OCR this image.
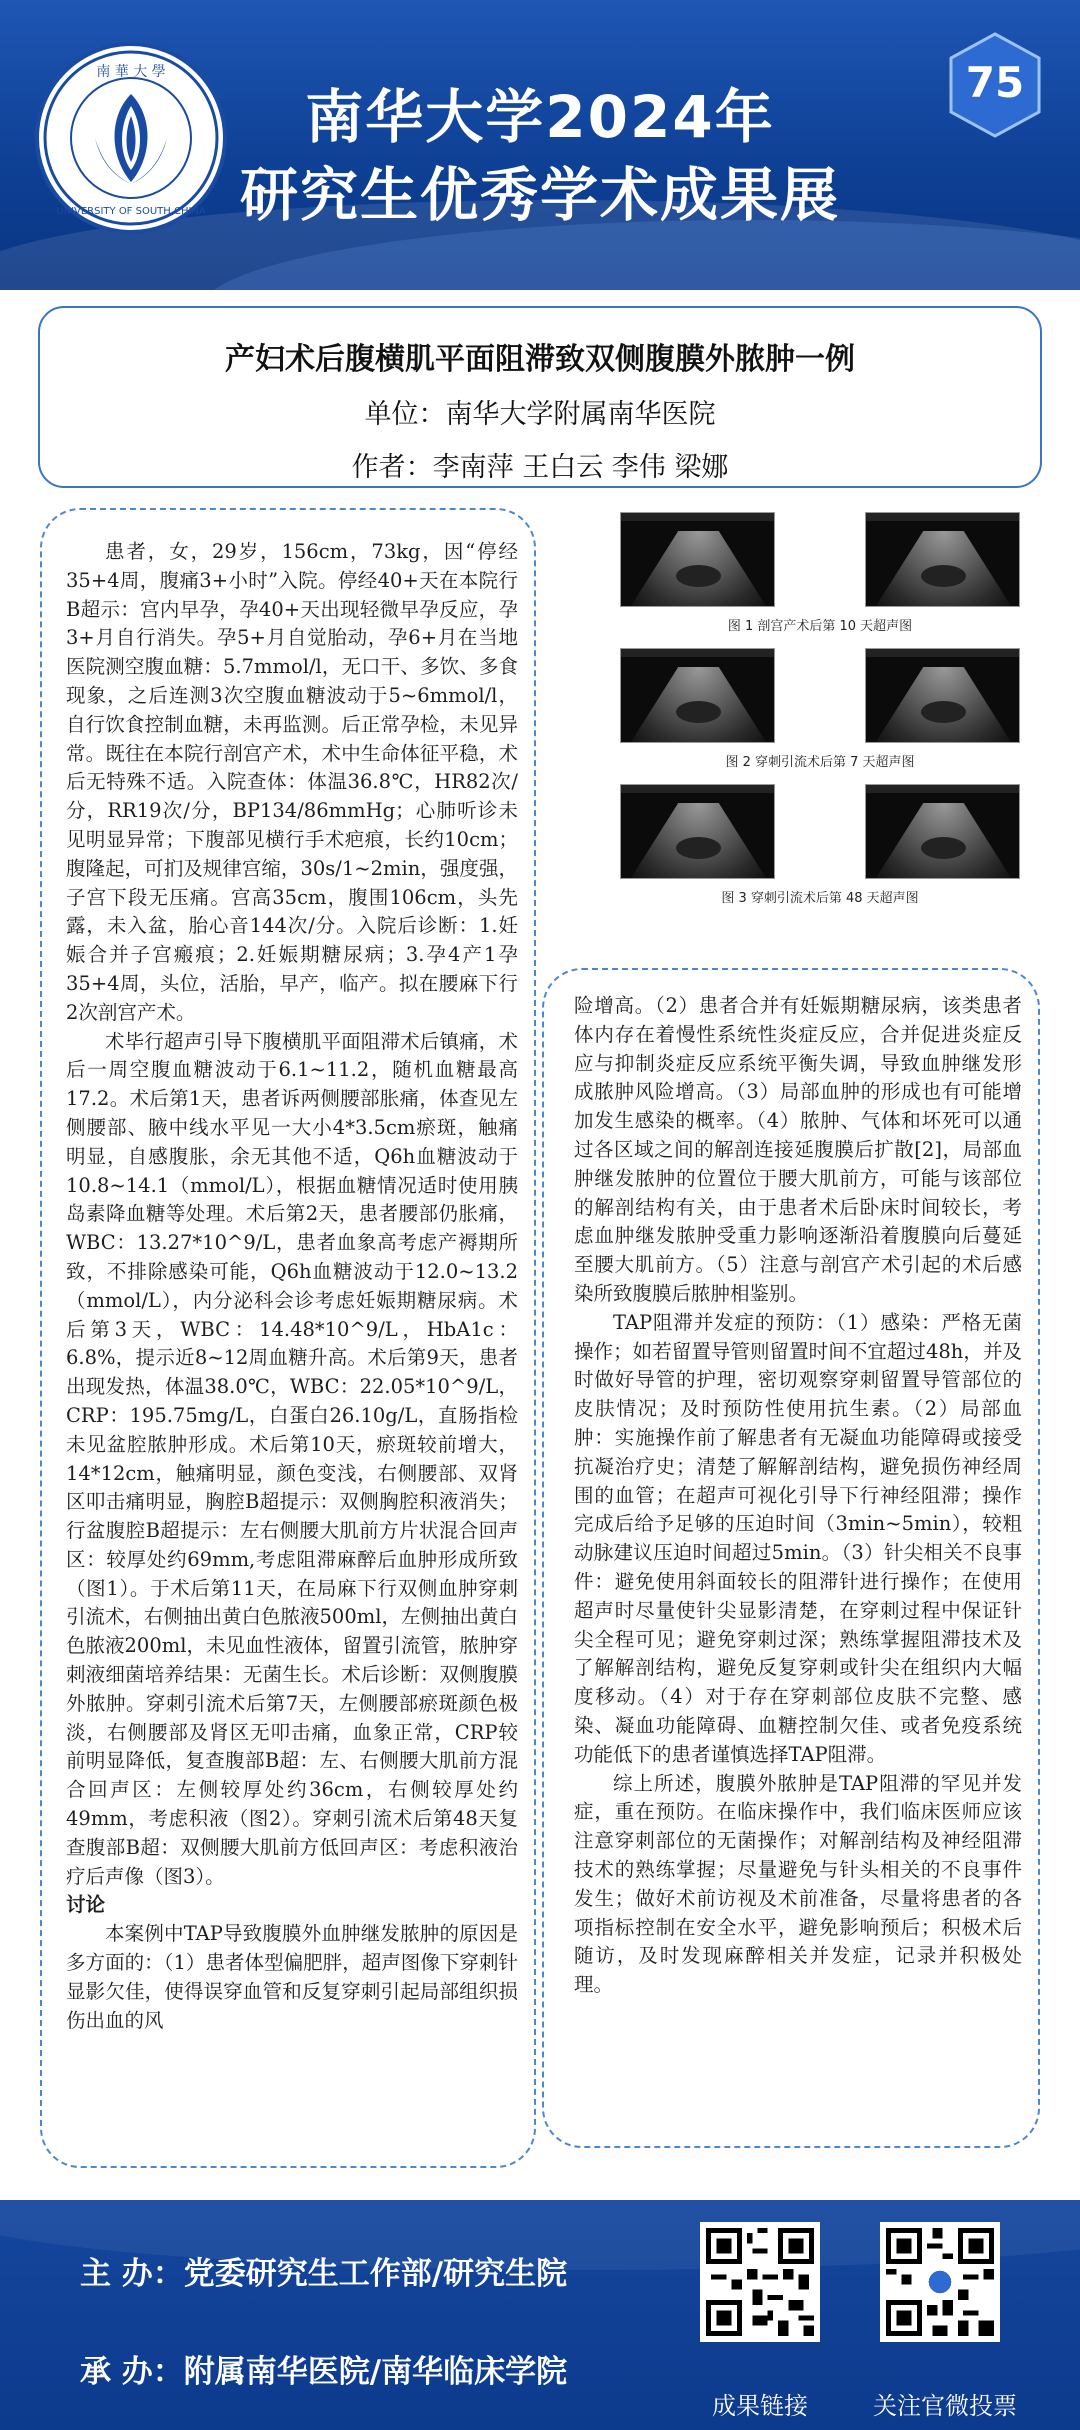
南 華 大 學
UNIVERSITY OF SOUTH CHINA
南华大学2024年
研究生优秀学术成果展
75
产妇术后腹横肌平面阻滞致双侧腹膜外脓肿一例
单位：南华大学附属南华医院
作者：李南萍 王白云 李伟 梁娜

患者，女，29岁，156cm，73kg，因“停经35+4周，腹痛3+小时”入院。停经40+天在本院行B超示：宫内早孕，孕40+天出现轻微早孕反应，孕3+月自行消失。孕5+月自觉胎动，孕6+月在当地医院测空腹血糖：5.7mmol/l，无口干、多饮、多食现象，之后连测3次空腹血糖波动于5~6mmol/l，自行饮食控制血糖，未再监测。后正常孕检，未见异常。既往在本院行剖宫产术，术中生命体征平稳，术后无特殊不适。入院查体：体温36.8℃，HR82次/分，RR19次/分，BP134/86mmHg；心肺听诊未见明显异常；下腹部见横行手术疤痕，长约10cm；腹隆起，可扪及规律宫缩，30s/1~2min，强度强，子宫下段无压痛。宫高35cm，腹围106cm，头先露，未入盆，胎心音144次/分。入院后诊断：1.妊娠合并子宫瘢痕；2.妊娠期糖尿病；3.孕4产1孕35+4周，头位，活胎，早产，临产。拟在腰麻下行2次剖宫产术。

术毕行超声引导下腹横肌平面阻滞术后镇痛，术后一周空腹血糖波动于6.1~11.2，随机血糖最高17.2。术后第1天，患者诉两侧腰部胀痛，体查见左侧腰部、腋中线水平见一大小4*3.5cm瘀斑，触痛明显，自感腹胀，余无其他不适，Q6h血糖波动于10.8~14.1（mmol/L），根据血糖情况适时使用胰岛素降血糖等处理。术后第2天，患者腰部仍胀痛，WBC：13.27*10^9/L，患者血象高考虑产褥期所致，不排除感染可能，Q6h血糖波动于12.0~13.2（mmol/L），内分泌科会诊考虑妊娠期糖尿病。术后第3天，WBC：14.48*10^9/L，HbA1c：6.8%，提示近8~12周血糖升高。术后第9天，患者出现发热，体温38.0℃，WBC：22.05*10^9/L，CRP：195.75mg/L，白蛋白26.10g/L，直肠指检未见盆腔脓肿形成。术后第10天，瘀斑较前增大，14*12cm，触痛明显，颜色变浅，右侧腰部、双肾区叩击痛明显，胸腔B超提示：双侧胸腔积液消失；行盆腹腔B超提示：左右侧腰大肌前方片状混合回声区：较厚处约69mm,考虑阻滞麻醉后血肿形成所致（图1）。于术后第11天，在局麻下行双侧血肿穿刺引流术，右侧抽出黄白色脓液500ml，左侧抽出黄白色脓液200ml，未见血性液体，留置引流管，脓肿穿刺液细菌培养结果：无菌生长。术后诊断：双侧腹膜外脓肿。穿刺引流术后第7天，左侧腰部瘀斑颜色极淡，右侧腰部及肾区无叩击痛，血象正常，CRP较前明显降低，复查腹部B超：左、右侧腰大肌前方混合回声区：左侧较厚处约36cm，右侧较厚处约49mm，考虑积液（图2）。穿刺引流术后第48天复查腹部B超：双侧腰大肌前方低回声区：考虑积液治疗后声像（图3）。

讨论

本案例中TAP导致腹膜外血肿继发脓肿的原因是多方面的：（1）患者体型偏肥胖，超声图像下穿刺针显影欠佳，使得误穿血管和反复穿刺引起局部组织损伤出血的风

图 1 剖宫产术后第 10 天超声图
图 2 穿刺引流术后第 7 天超声图
图 3 穿刺引流术后第 48 天超声图

险增高。（2）患者合并有妊娠期糖尿病，该类患者体内存在着慢性系统性炎症反应，合并促进炎症反应与抑制炎症反应系统平衡失调，导致血肿继发形成脓肿风险增高。（3）局部血肿的形成也有可能增加发生感染的概率。（4）脓肿、气体和坏死可以通过各区域之间的解剖连接延腹膜后扩散[2]，局部血肿继发脓肿的位置位于腰大肌前方，可能与该部位的解剖结构有关，由于患者术后卧床时间较长，考虑血肿继发脓肿受重力影响逐渐沿着腹膜向后蔓延至腰大肌前方。（5）注意与剖宫产术引起的术后感染所致腹膜后脓肿相鉴别。

TAP阻滞并发症的预防：（1）感染：严格无菌操作；如若留置导管则留置时间不宜超过48h，并及时做好导管的护理，密切观察穿刺留置导管部位的皮肤情况；及时预防性使用抗生素。（2）局部血肿：实施操作前了解患者有无凝血功能障碍或接受抗凝治疗史；清楚了解解剖结构，避免损伤神经周围的血管；在超声可视化引导下行神经阻滞；操作完成后给予足够的压迫时间（3min~5min），较粗动脉建议压迫时间超过5min。（3）针尖相关不良事件：避免使用斜面较长的阻滞针进行操作；在使用超声时尽量使针尖显影清楚，在穿刺过程中保证针尖全程可见；避免穿刺过深；熟练掌握阻滞技术及了解解剖结构，避免反复穿刺或针尖在组织内大幅度移动。（4）对于存在穿刺部位皮肤不完整、感染、凝血功能障碍、血糖控制欠佳、或者免疫系统功能低下的患者谨慎选择TAP阻滞。

综上所述，腹膜外脓肿是TAP阻滞的罕见并发症，重在预防。在临床操作中，我们临床医师应该注意穿刺部位的无菌操作；对解剖结构及神经阻滞技术的熟练掌握；尽量避免与针头相关的不良事件发生；做好术前访视及术前准备，尽量将患者的各项指标控制在安全水平，避免影响预后；积极术后随访，及时发现麻醉相关并发症，记录并积极处理。

主 办：党委研究生工作部/研究生院
承 办：附属南华医院/南华临床学院
成果链接	关注官微投票
